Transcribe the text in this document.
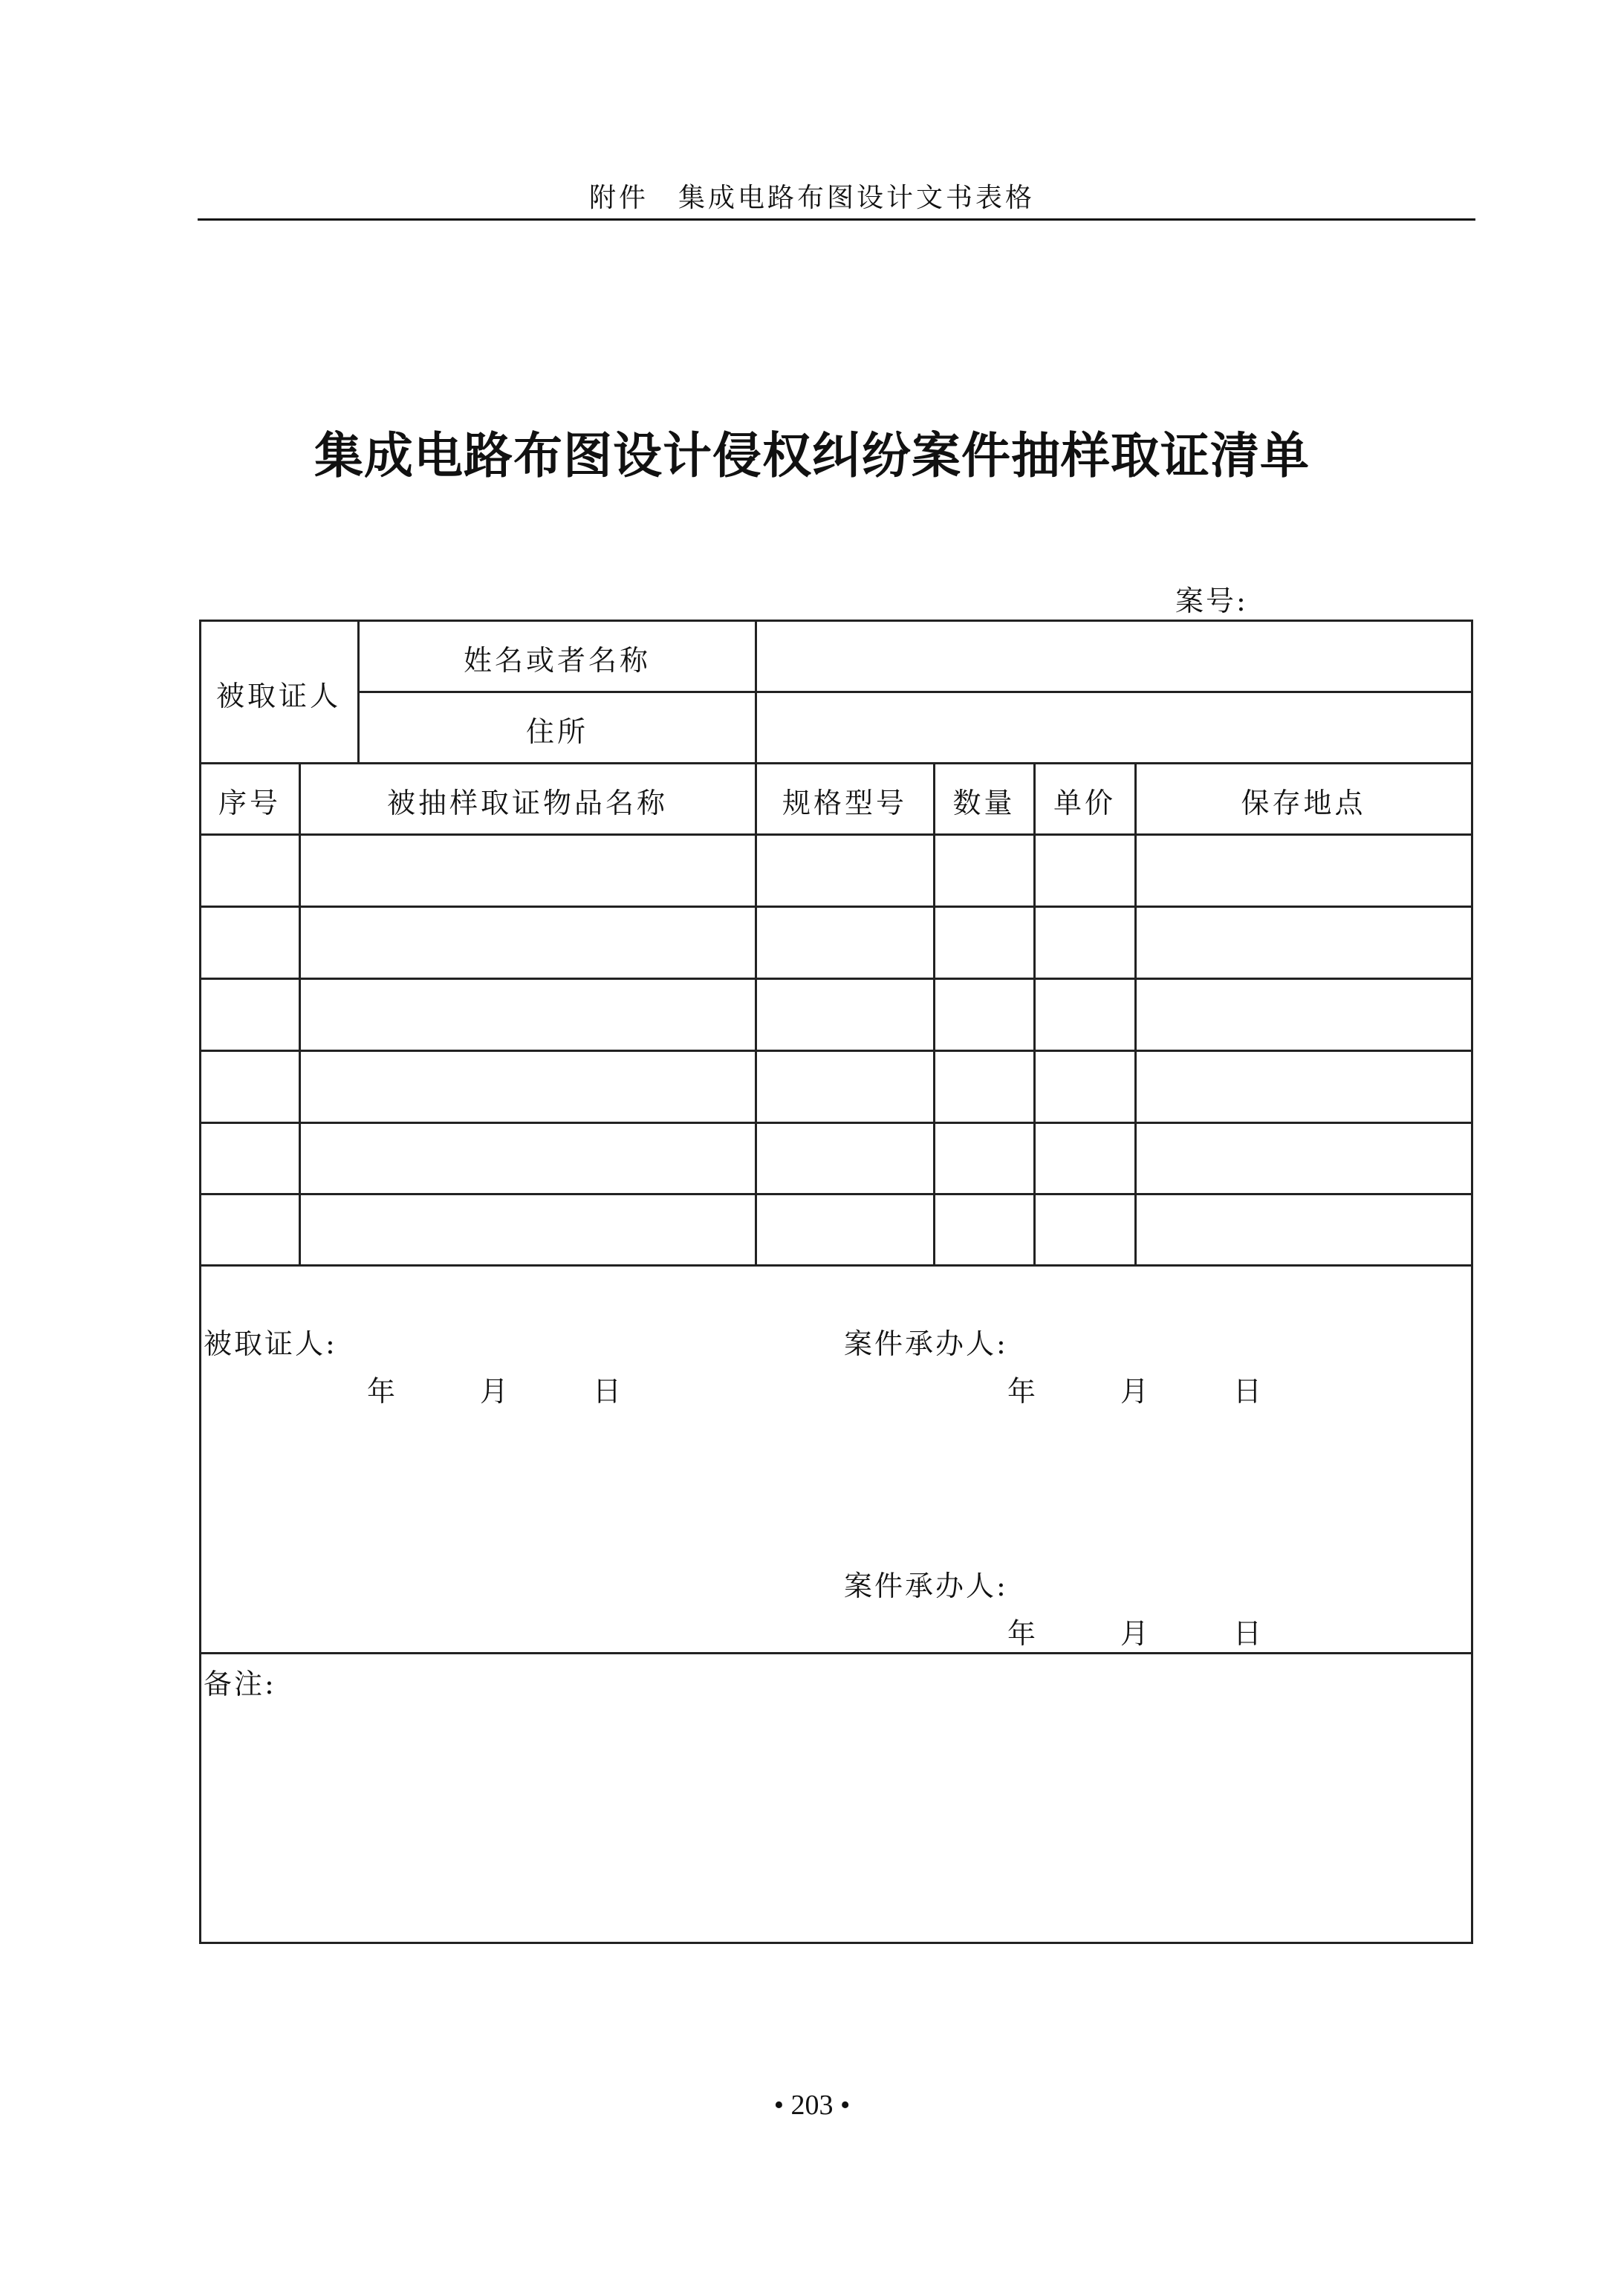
附件　集成电路布图设计文书表格
集成电路布图设计侵权纠纷案件抽样取证清单
案号:
被取证人
姓名或者名称
住所
序号	被抽样取证物品名称	规格型号	数量	单价	保存地点
被取证人:
年　　　月　　　日
案件承办人:
年　　　月　　　日
案件承办人:
年　　　月　　　日
备注:
• 203 •
